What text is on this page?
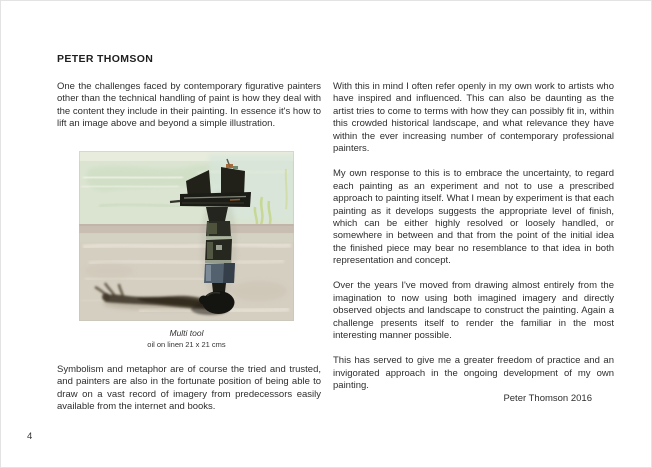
PETER THOMSON

One the challenges faced by contemporary figurative painters other than the technical handling of paint is how they deal with the content they include in their painting. In essence it's how to lift an image above and beyond a simple illustration.

Multi tool
oil on linen 21 x 21 cms

Symbolism and metaphor are of course the tried and trusted, and painters are also in the fortunate position of being able to draw on a vast record of imagery from predecessors easily available from the internet and books.

With this in mind I often refer openly in my own work to artists who have inspired and influenced. This can also be daunting as the artist tries to come to terms with how they can possibly fit in, within this crowded historical landscape, and what relevance they have within the ever increasing number of contemporary professional painters.

My own response to this is to embrace the uncertainty, to regard each painting as an experiment and not to use a prescribed approach to painting itself. What I mean by experiment is that each painting as it develops suggests the appropriate level of finish, which can be either highly resolved or loosely handled, or somewhere in between and that from the point of the initial idea the finished piece may bear no resemblance to that idea in both representation and concept.

Over the years I've moved from drawing almost entirely from the imagination to now using both imagined imagery and directly observed objects and landscape to construct the painting. Again a challenge presents itself to render the familiar in the most interesting manner possible.

This has served to give me a greater freedom of practice and an invigorated approach in the ongoing development of my own painting.

Peter Thomson 2016
4
